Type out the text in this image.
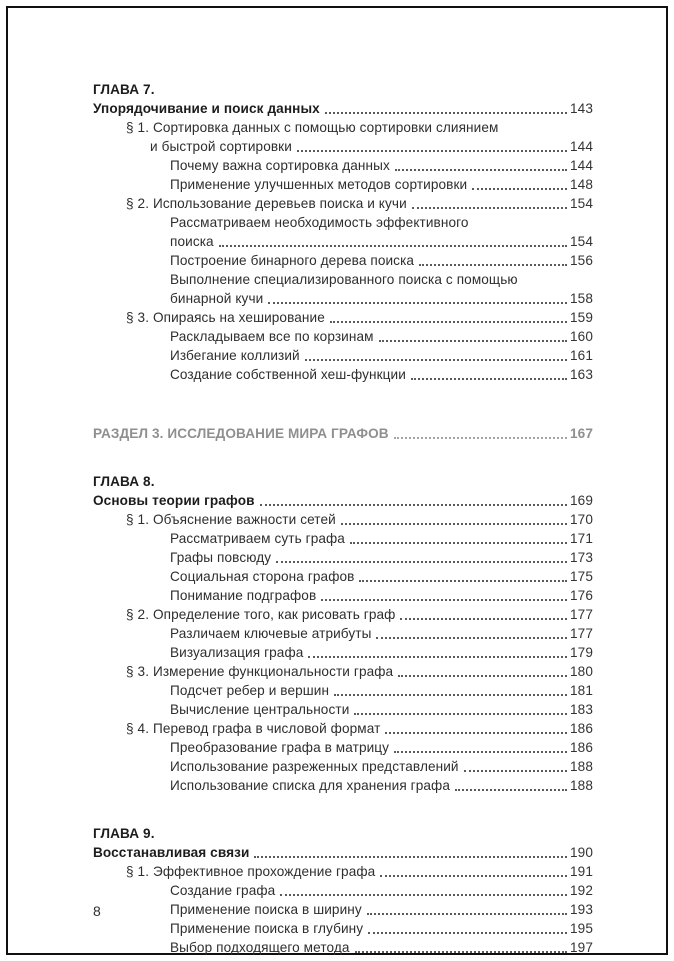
ГЛАВА 7.
Упорядочивание и поиск данных	143
§ 1. Сортировка данных с помощью сортировки слиянием
и быстрой сортировки	144
Почему важна сортировка данных	144
Применение улучшенных методов сортировки	148
§ 2. Использование деревьев поиска и кучи	154
Рассматриваем необходимость эффективного
поиска	154
Построение бинарного дерева поиска	156
Выполнение специализированного поиска с помощью
бинарной кучи	158
§ 3. Опираясь на хеширование	159
Раскладываем все по корзинам	160
Избегание коллизий	161
Создание собственной хеш-функции	163
РАЗДЕЛ 3. ИССЛЕДОВАНИЕ МИРА ГРАФОВ	167
ГЛАВА 8.
Основы теории графов	169
§ 1. Объяснение важности сетей	170
Рассматриваем суть графа	171
Графы повсюду	173
Социальная сторона графов	175
Понимание подграфов	176
§ 2. Определение того, как рисовать граф	177
Различаем ключевые атрибуты	177
Визуализация графа	179
§ 3. Измерение функциональности графа	180
Подсчет ребер и вершин	181
Вычисление центральности	183
§ 4. Перевод графа в числовой формат	186
Преобразование графа в матрицу	186
Использование разреженных представлений	188
Использование списка для хранения графа	188
ГЛАВА 9.
Восстанавливая связи	190
§ 1. Эффективное прохождение графа	191
Создание графа	192
Применение поиска в ширину	193
Применение поиска в глубину	195
Выбор подходящего метода	197
8
